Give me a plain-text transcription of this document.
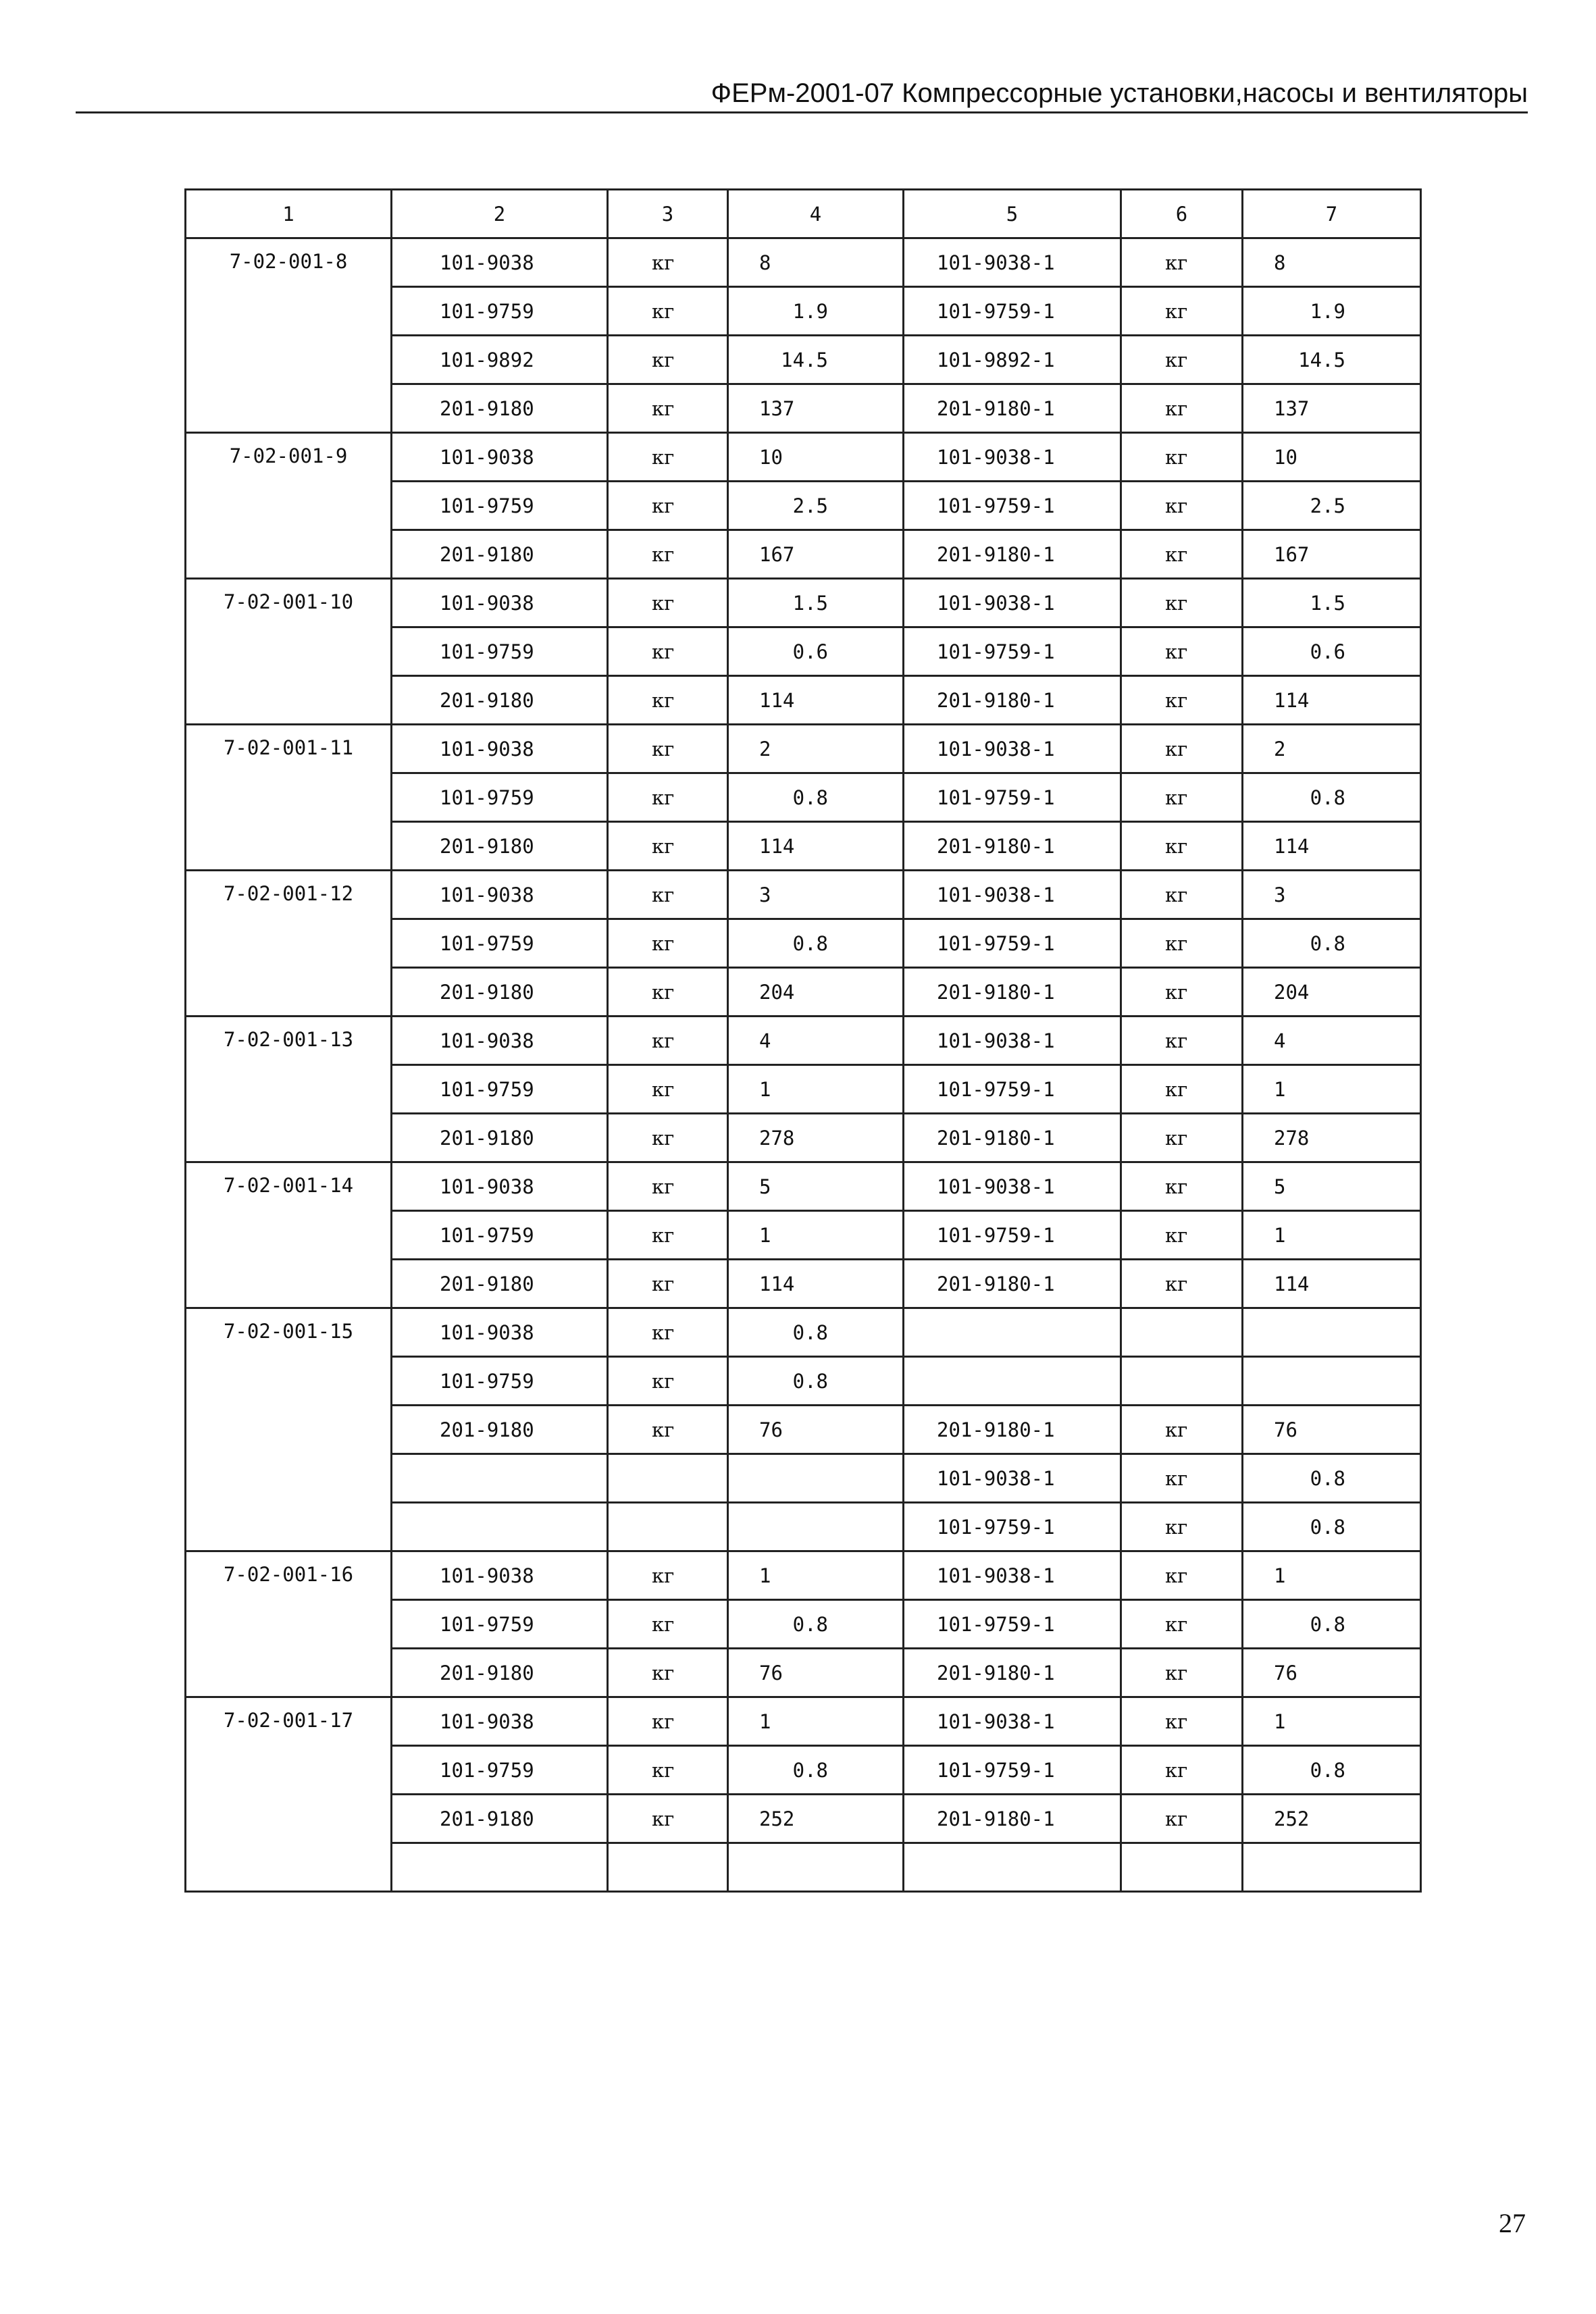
ФЕРм-2001-07 Компрессорные установки,насосы и вентиляторы
1	2	3	4	5	6	7
7-02-001-8	101-9038	кг	8	101-9038-1	кг	8
	101-9759	кг	1.9	101-9759-1	кг	1.9
	101-9892	кг	14.5	101-9892-1	кг	14.5
	201-9180	кг	137	201-9180-1	кг	137
7-02-001-9	101-9038	кг	10	101-9038-1	кг	10
	101-9759	кг	2.5	101-9759-1	кг	2.5
	201-9180	кг	167	201-9180-1	кг	167
7-02-001-10	101-9038	кг	1.5	101-9038-1	кг	1.5
	101-9759	кг	0.6	101-9759-1	кг	0.6
	201-9180	кг	114	201-9180-1	кг	114
7-02-001-11	101-9038	кг	2	101-9038-1	кг	2
	101-9759	кг	0.8	101-9759-1	кг	0.8
	201-9180	кг	114	201-9180-1	кг	114
7-02-001-12	101-9038	кг	3	101-9038-1	кг	3
	101-9759	кг	0.8	101-9759-1	кг	0.8
	201-9180	кг	204	201-9180-1	кг	204
7-02-001-13	101-9038	кг	4	101-9038-1	кг	4
	101-9759	кг	1	101-9759-1	кг	1
	201-9180	кг	278	201-9180-1	кг	278
7-02-001-14	101-9038	кг	5	101-9038-1	кг	5
	101-9759	кг	1	101-9759-1	кг	1
	201-9180	кг	114	201-9180-1	кг	114
7-02-001-15	101-9038	кг	0.8			
	101-9759	кг	0.8			
	201-9180	кг	76	201-9180-1	кг	76
				101-9038-1	кг	0.8
				101-9759-1	кг	0.8
7-02-001-16	101-9038	кг	1	101-9038-1	кг	1
	101-9759	кг	0.8	101-9759-1	кг	0.8
	201-9180	кг	76	201-9180-1	кг	76
7-02-001-17	101-9038	кг	1	101-9038-1	кг	1
	101-9759	кг	0.8	101-9759-1	кг	0.8
	201-9180	кг	252	201-9180-1	кг	252

27
